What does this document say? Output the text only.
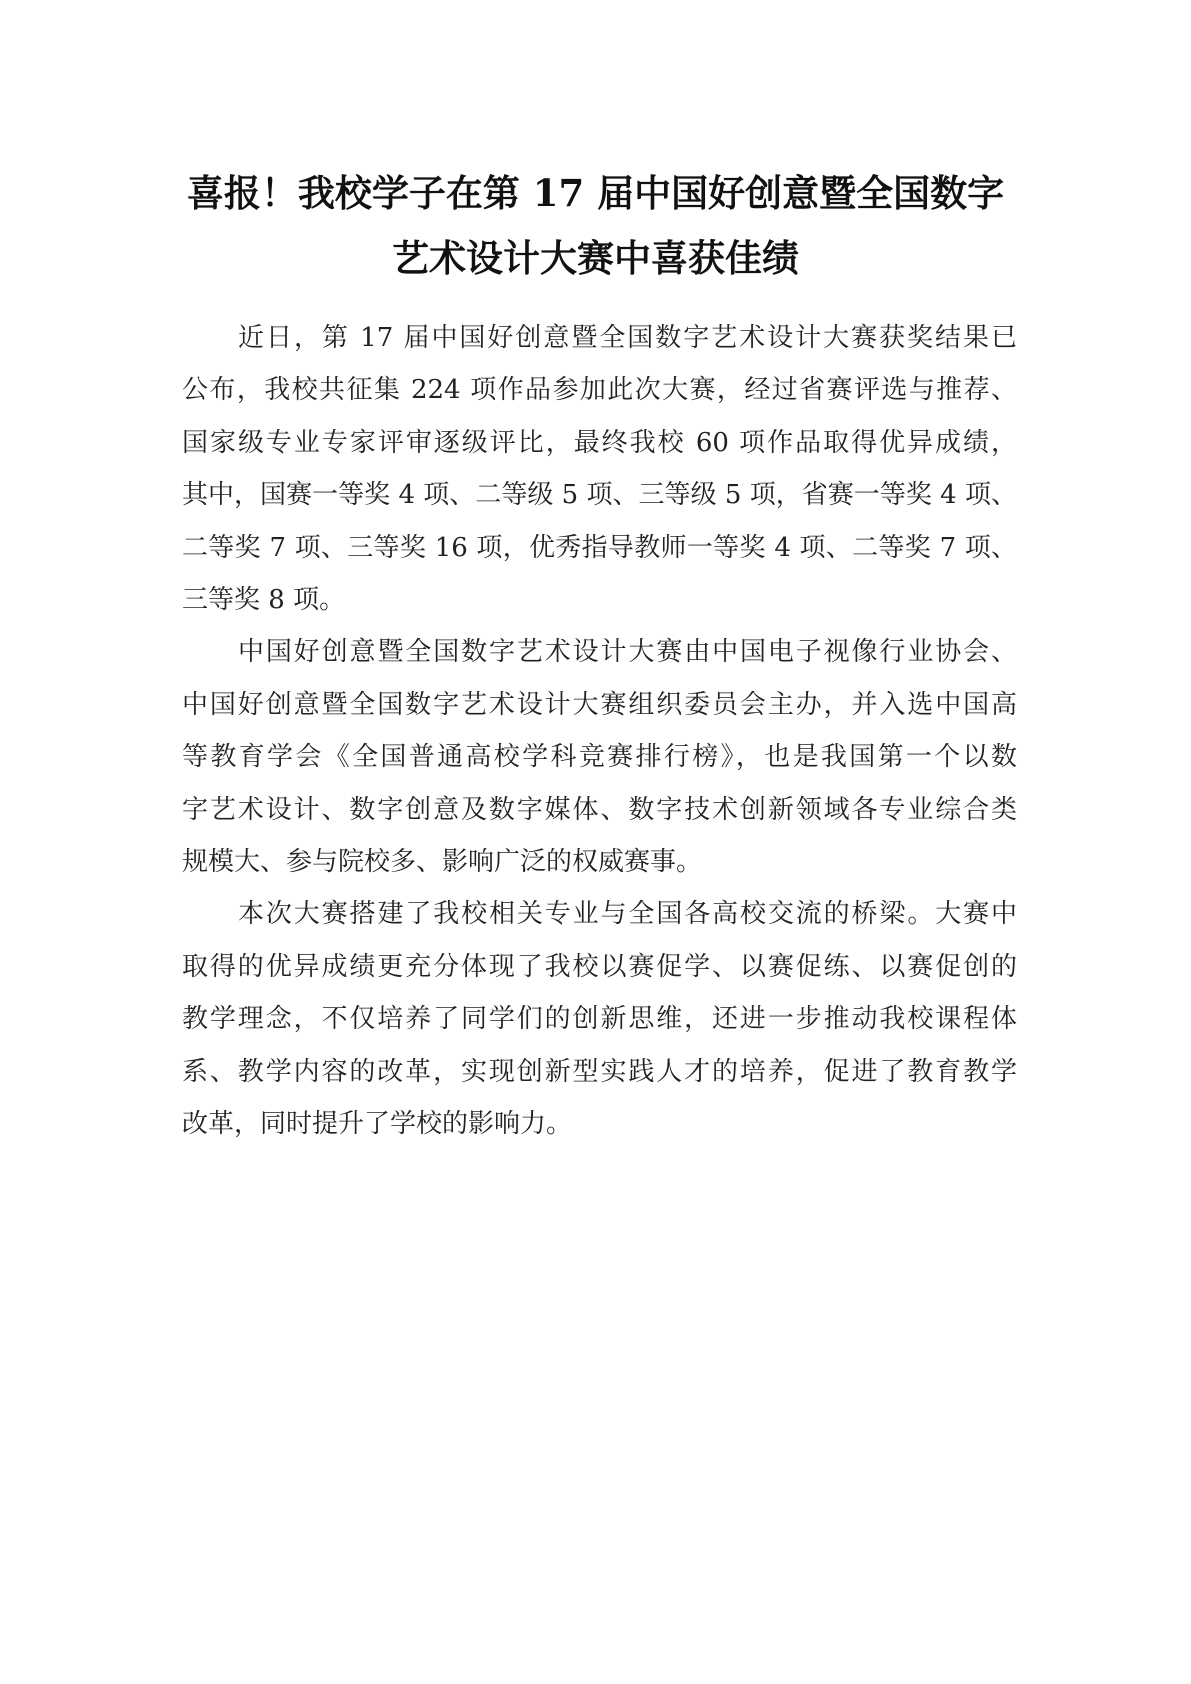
喜报！我校学子在第 17 届中国好创意暨全国数字
艺术设计大赛中喜获佳绩
近日，第 17 届中国好创意暨全国数字艺术设计大赛获奖结果已
公布，我校共征集 224 项作品参加此次大赛，经过省赛评选与推荐、
国家级专业专家评审逐级评比，最终我校 60 项作品取得优异成绩，
其中，国赛一等奖 4 项、二等级 5 项、三等级 5 项，省赛一等奖 4 项、
二等奖 7 项、三等奖 16 项，优秀指导教师一等奖 4 项、二等奖 7 项、
三等奖 8 项。
中国好创意暨全国数字艺术设计大赛由中国电子视像行业协会、
中国好创意暨全国数字艺术设计大赛组织委员会主办，并入选中国高
等教育学会《全国普通高校学科竞赛排行榜》，也是我国第一个以数
字艺术设计、数字创意及数字媒体、数字技术创新领域各专业综合类
规模大、参与院校多、影响广泛的权威赛事。
本次大赛搭建了我校相关专业与全国各高校交流的桥梁。大赛中
取得的优异成绩更充分体现了我校以赛促学、以赛促练、以赛促创的
教学理念，不仅培养了同学们的创新思维，还进一步推动我校课程体
系、教学内容的改革，实现创新型实践人才的培养，促进了教育教学
改革，同时提升了学校的影响力。
